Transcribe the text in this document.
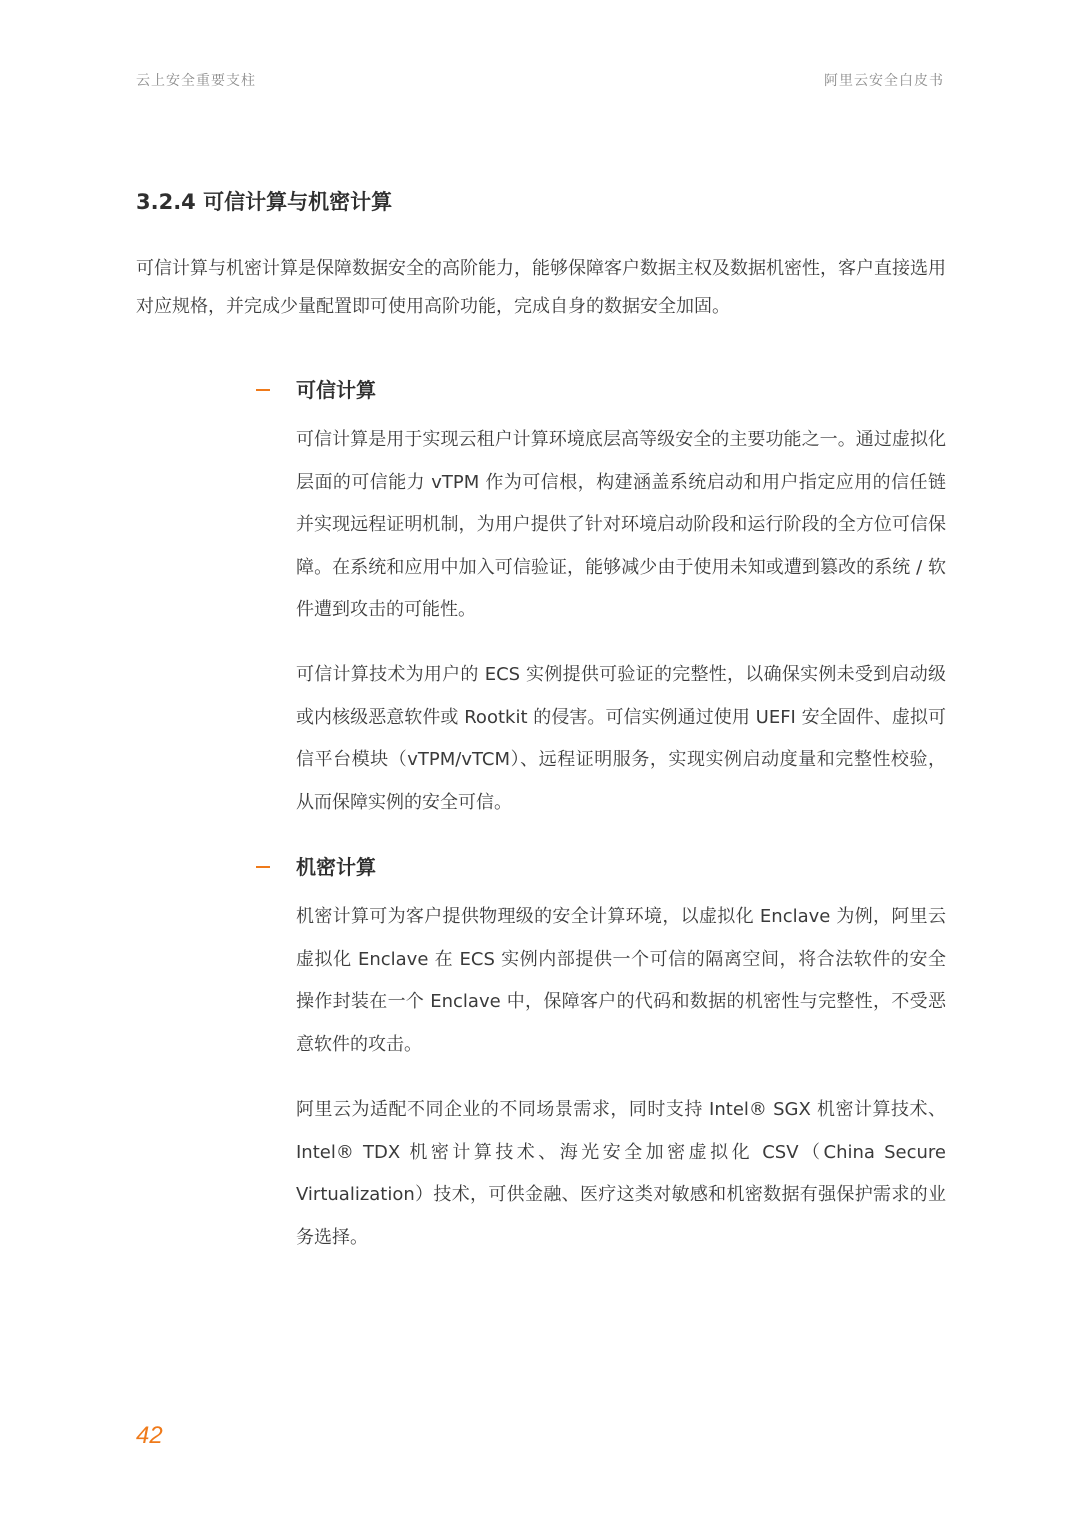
云上安全重要支柱	阿里云安全白皮书
3.2.4 可信计算与机密计算

可信计算与机密计算是保障数据安全的高阶能力，能够保障客户数据主权及数据机密性，客户直接选用对应规格，并完成少量配置即可使用高阶功能，完成自身的数据安全加固。

可信计算

可信计算是用于实现云租户计算环境底层高等级安全的主要功能之一。通过虚拟化层面的可信能力 vTPM 作为可信根，构建涵盖系统启动和用户指定应用的信任链并实现远程证明机制，为用户提供了针对环境启动阶段和运行阶段的全方位可信保障。在系统和应用中加入可信验证，能够减少由于使用未知或遭到篡改的系统 / 软件遭到攻击的可能性。

可信计算技术为用户的 ECS 实例提供可验证的完整性，以确保实例未受到启动级或内核级恶意软件或 Rootkit 的侵害。可信实例通过使用 UEFI 安全固件、虚拟可信平台模块（vTPM/vTCM）、远程证明服务，实现实例启动度量和完整性校验，从而保障实例的安全可信。

机密计算

机密计算可为客户提供物理级的安全计算环境，以虚拟化 Enclave 为例，阿里云虚拟化 Enclave 在 ECS 实例内部提供一个可信的隔离空间，将合法软件的安全操作封装在一个 Enclave 中，保障客户的代码和数据的机密性与完整性，不受恶意软件的攻击。

阿里云为适配不同企业的不同场景需求，同时支持 Intel® SGX 机密计算技术、Intel® TDX 机密计算技术、海光安全加密虚拟化 CSV（China Secure Virtualization）技术，可供金融、医疗这类对敏感和机密数据有强保护需求的业务选择。

42
